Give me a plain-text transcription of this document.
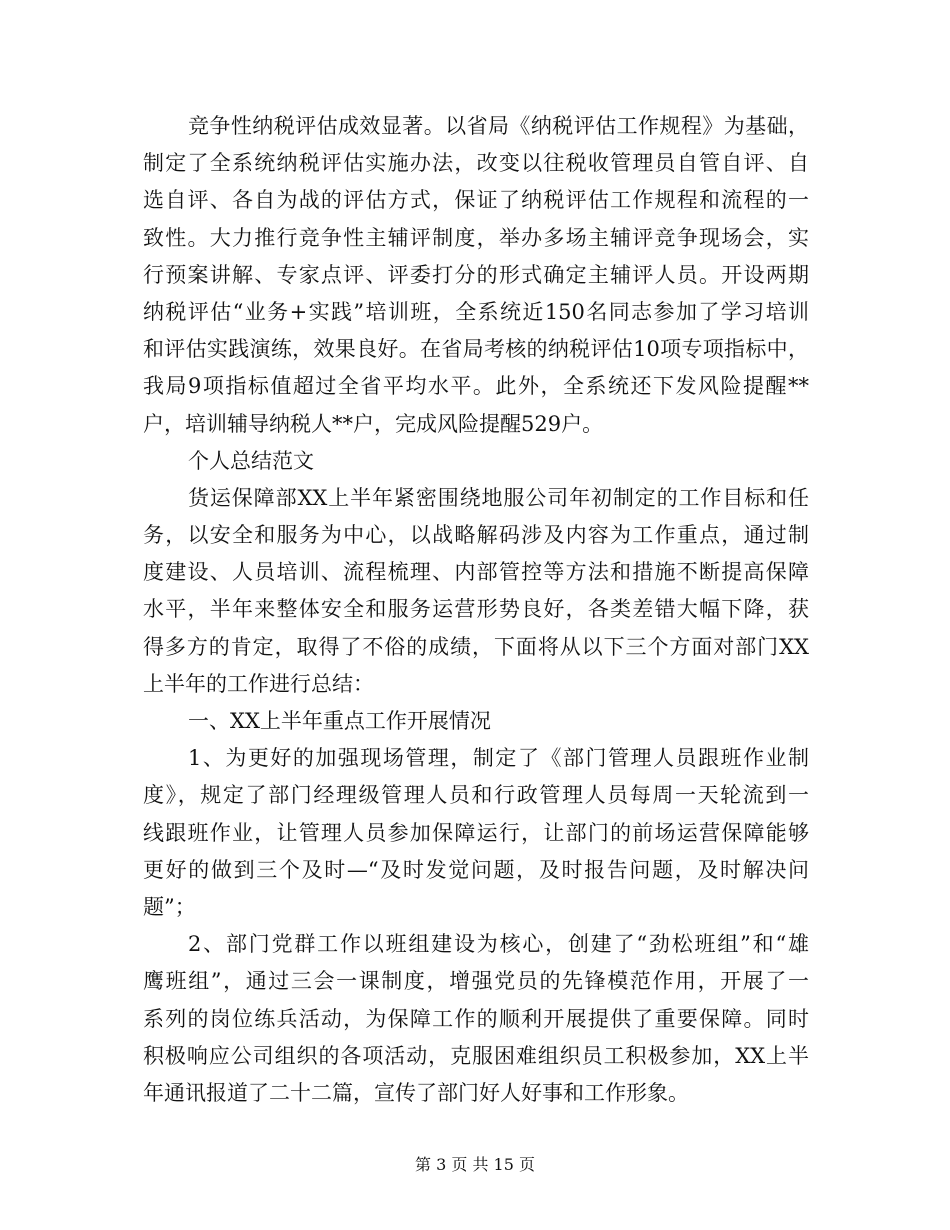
竞争性纳税评估成效显著。以省局《纳税评估工作规程》为基础，
制定了全系统纳税评估实施办法，改变以往税收管理员自管自评、自
选自评、各自为战的评估方式，保证了纳税评估工作规程和流程的一
致性。大力推行竞争性主辅评制度，举办多场主辅评竞争现场会，实
行预案讲解、专家点评、评委打分的形式确定主辅评人员。开设两期
纳税评估“业务+实践”培训班，全系统近150名同志参加了学习培训
和评估实践演练，效果良好。在省局考核的纳税评估10项专项指标中，
我局9项指标值超过全省平均水平。此外，全系统还下发风险提醒**
户，培训辅导纳税人**户，完成风险提醒529户。
个人总结范文
货运保障部XX上半年紧密围绕地服公司年初制定的工作目标和任
务，以安全和服务为中心，以战略解码涉及内容为工作重点，通过制
度建设、人员培训、流程梳理、内部管控等方法和措施不断提高保障
水平，半年来整体安全和服务运营形势良好，各类差错大幅下降，获
得多方的肯定，取得了不俗的成绩，下面将从以下三个方面对部门XX
上半年的工作进行总结：
一、XX上半年重点工作开展情况
1、为更好的加强现场管理，制定了《部门管理人员跟班作业制
度》，规定了部门经理级管理人员和行政管理人员每周一天轮流到一
线跟班作业，让管理人员参加保障运行，让部门的前场运营保障能够
更好的做到三个及时—“及时发觉问题，及时报告问题，及时解决问
题”；
2、部门党群工作以班组建设为核心，创建了“劲松班组”和“雄
鹰班组”，通过三会一课制度，增强党员的先锋模范作用，开展了一
系列的岗位练兵活动，为保障工作的顺利开展提供了重要保障。同时
积极响应公司组织的各项活动，克服困难组织员工积极参加，XX上半
年通讯报道了二十二篇，宣传了部门好人好事和工作形象。
第 3 页 共 15 页
